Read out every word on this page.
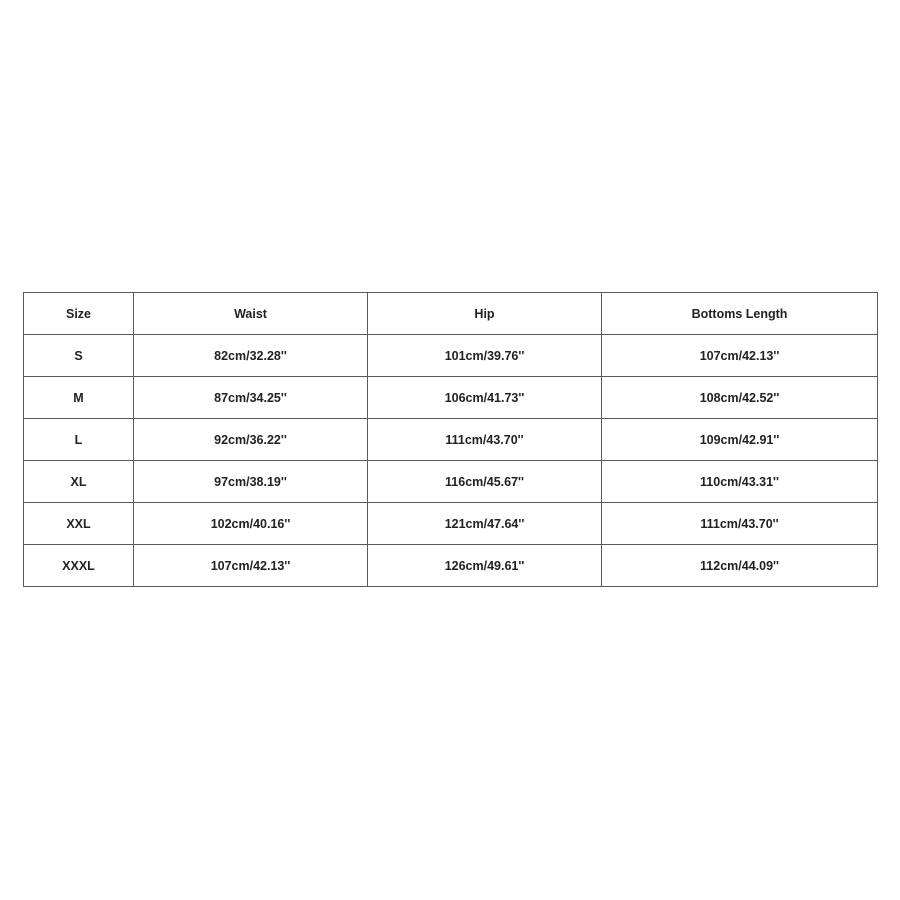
Size	Waist	Hip	Bottoms Length
S	82cm/32.28''	101cm/39.76''	107cm/42.13''
M	87cm/34.25''	106cm/41.73''	108cm/42.52''
L	92cm/36.22''	111cm/43.70''	109cm/42.91''
XL	97cm/38.19''	116cm/45.67''	110cm/43.31''
XXL	102cm/40.16''	121cm/47.64''	111cm/43.70''
XXXL	107cm/42.13''	126cm/49.61''	112cm/44.09''
